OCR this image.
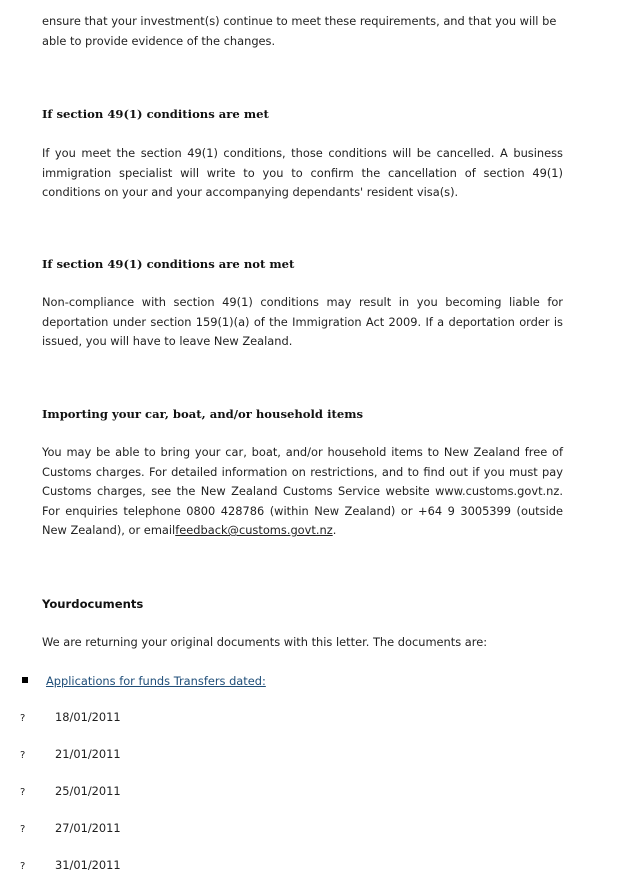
ensure that your investment(s) continue to meet these requirements, and that you will be
able to provide evidence of the changes.

If section 49(1) conditions are met

If you meet the section 49(1) conditions, those conditions will be cancelled. A business immigration specialist will write to you to confirm the cancellation of section 49(1) conditions on your and your accompanying dependants' resident visa(s).

If section 49(1) conditions are not met

Non-compliance with section 49(1) conditions may result in you becoming liable for deportation under section 159(1)(a) of the Immigration Act 2009. If a deportation order is issued, you will have to leave New Zealand.

Importing your car, boat, and/or household items

You may be able to bring your car, boat, and/or household items to New Zealand free of Customs charges. For detailed information on restrictions, and to find out if you must pay Customs charges, see the New Zealand Customs Service website www.customs.govt.nz. For enquiries telephone 0800 428786 (within New Zealand) or +64 9 3005399 (outside New Zealand), or emailfeedback@customs.govt.nz.

Yourdocuments

We are returning your original documents with this letter. The documents are:

Applications for funds Transfers dated:
?	18/01/2011
?	21/01/2011
?	25/01/2011
?	27/01/2011
?	31/01/2011
